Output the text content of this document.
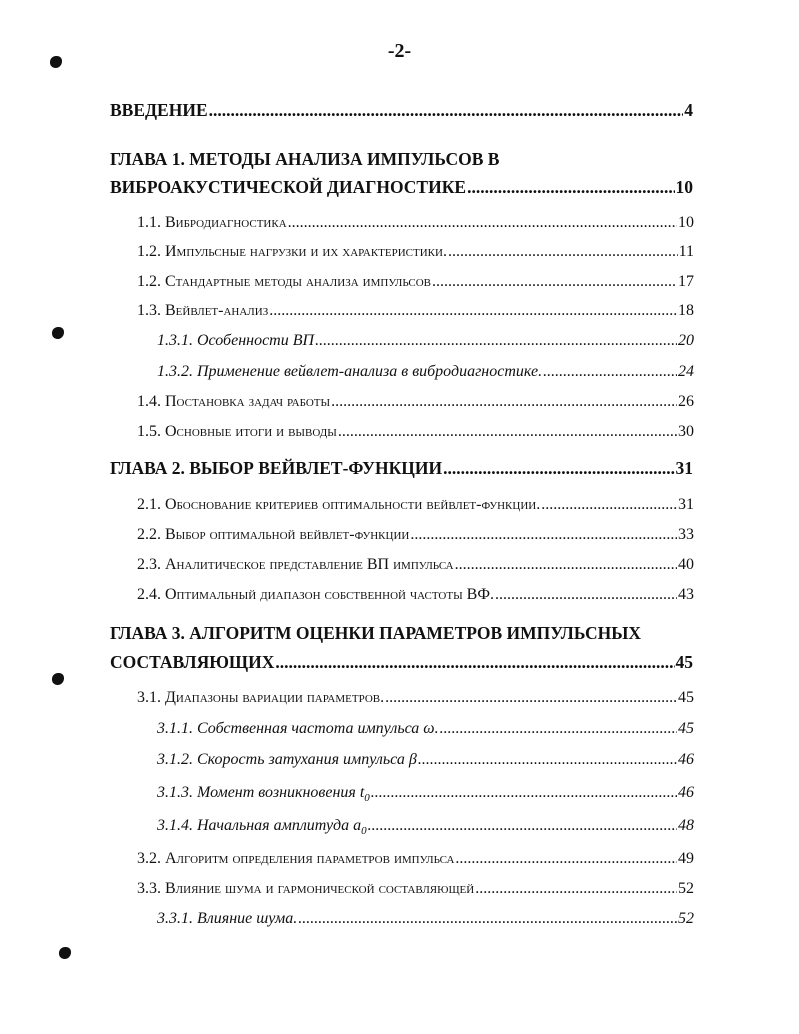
-2-
ВВЕДЕНИЕ .....	4
ГЛАВА 1. МЕТОДЫ АНАЛИЗА ИМПУЛЬСОВ В
ВИБРОАКУСТИЧЕСКОЙ ДИАГНОСТИКЕ .....	10
1.1. Вибродиагностика .....	10
1.2. Импульсные нагрузки и их характеристики. .....	11
1.2. Стандартные методы анализа импульсов .....	17
1.3. Вейвлет-анализ .....	18
1.3.1. Особенности ВП .....	20
1.3.2. Применение вейвлет-анализа в вибродиагностике. .....	24
1.4. Постановка задач работы .....	26
1.5. Основные итоги и выводы .....	30
ГЛАВА 2. ВЫБОР ВЕЙВЛЕТ-ФУНКЦИИ .....	31
2.1. Обоснование критериев оптимальности вейвлет-функции. .....	31
2.2. Выбор оптимальной вейвлет-функции .....	33
2.3. Аналитическое представление ВП импульса .....	40
2.4. Оптимальный диапазон собственной частоты ВФ. .....	43
ГЛАВА 3. АЛГОРИТМ ОЦЕНКИ ПАРАМЕТРОВ ИМПУЛЬСНЫХ
СОСТАВЛЯЮЩИХ .....	45
3.1. Диапазоны вариации параметров. .....	45
3.1.1. Собственная частота импульса ω. .....	45
3.1.2. Скорость затухания импульса β .....	46
3.1.3. Момент возникновения $t_0$ .....	46
3.1.4. Начальная амплитуда $a_0$ .....	48
3.2. Алгоритм определения параметров импульса .....	49
3.3. Влияние шума и гармонической составляющей .....	52
3.3.1. Влияние шума. .....	52
